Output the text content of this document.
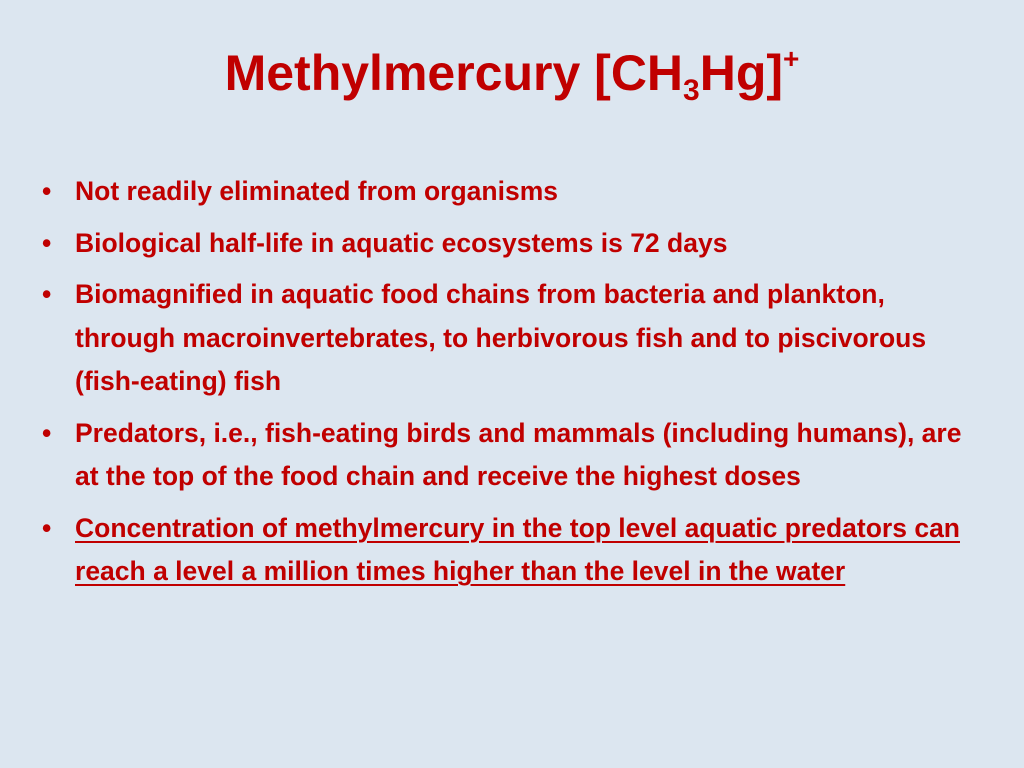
Methylmercury $[CH_3Hg]^+$
• Not readily eliminated from organisms
• Biological half-life in aquatic ecosystems is 72 days
• Biomagnified in aquatic food chains from bacteria and plankton, through macroinvertebrates, to herbivorous fish and to piscivorous (fish-eating) fish
• Predators, i.e., fish-eating birds and mammals (including humans), are at the top of the food chain and receive the highest doses
• Concentration of methylmercury in the top level aquatic predators can reach a level a million times higher than the level in the water
